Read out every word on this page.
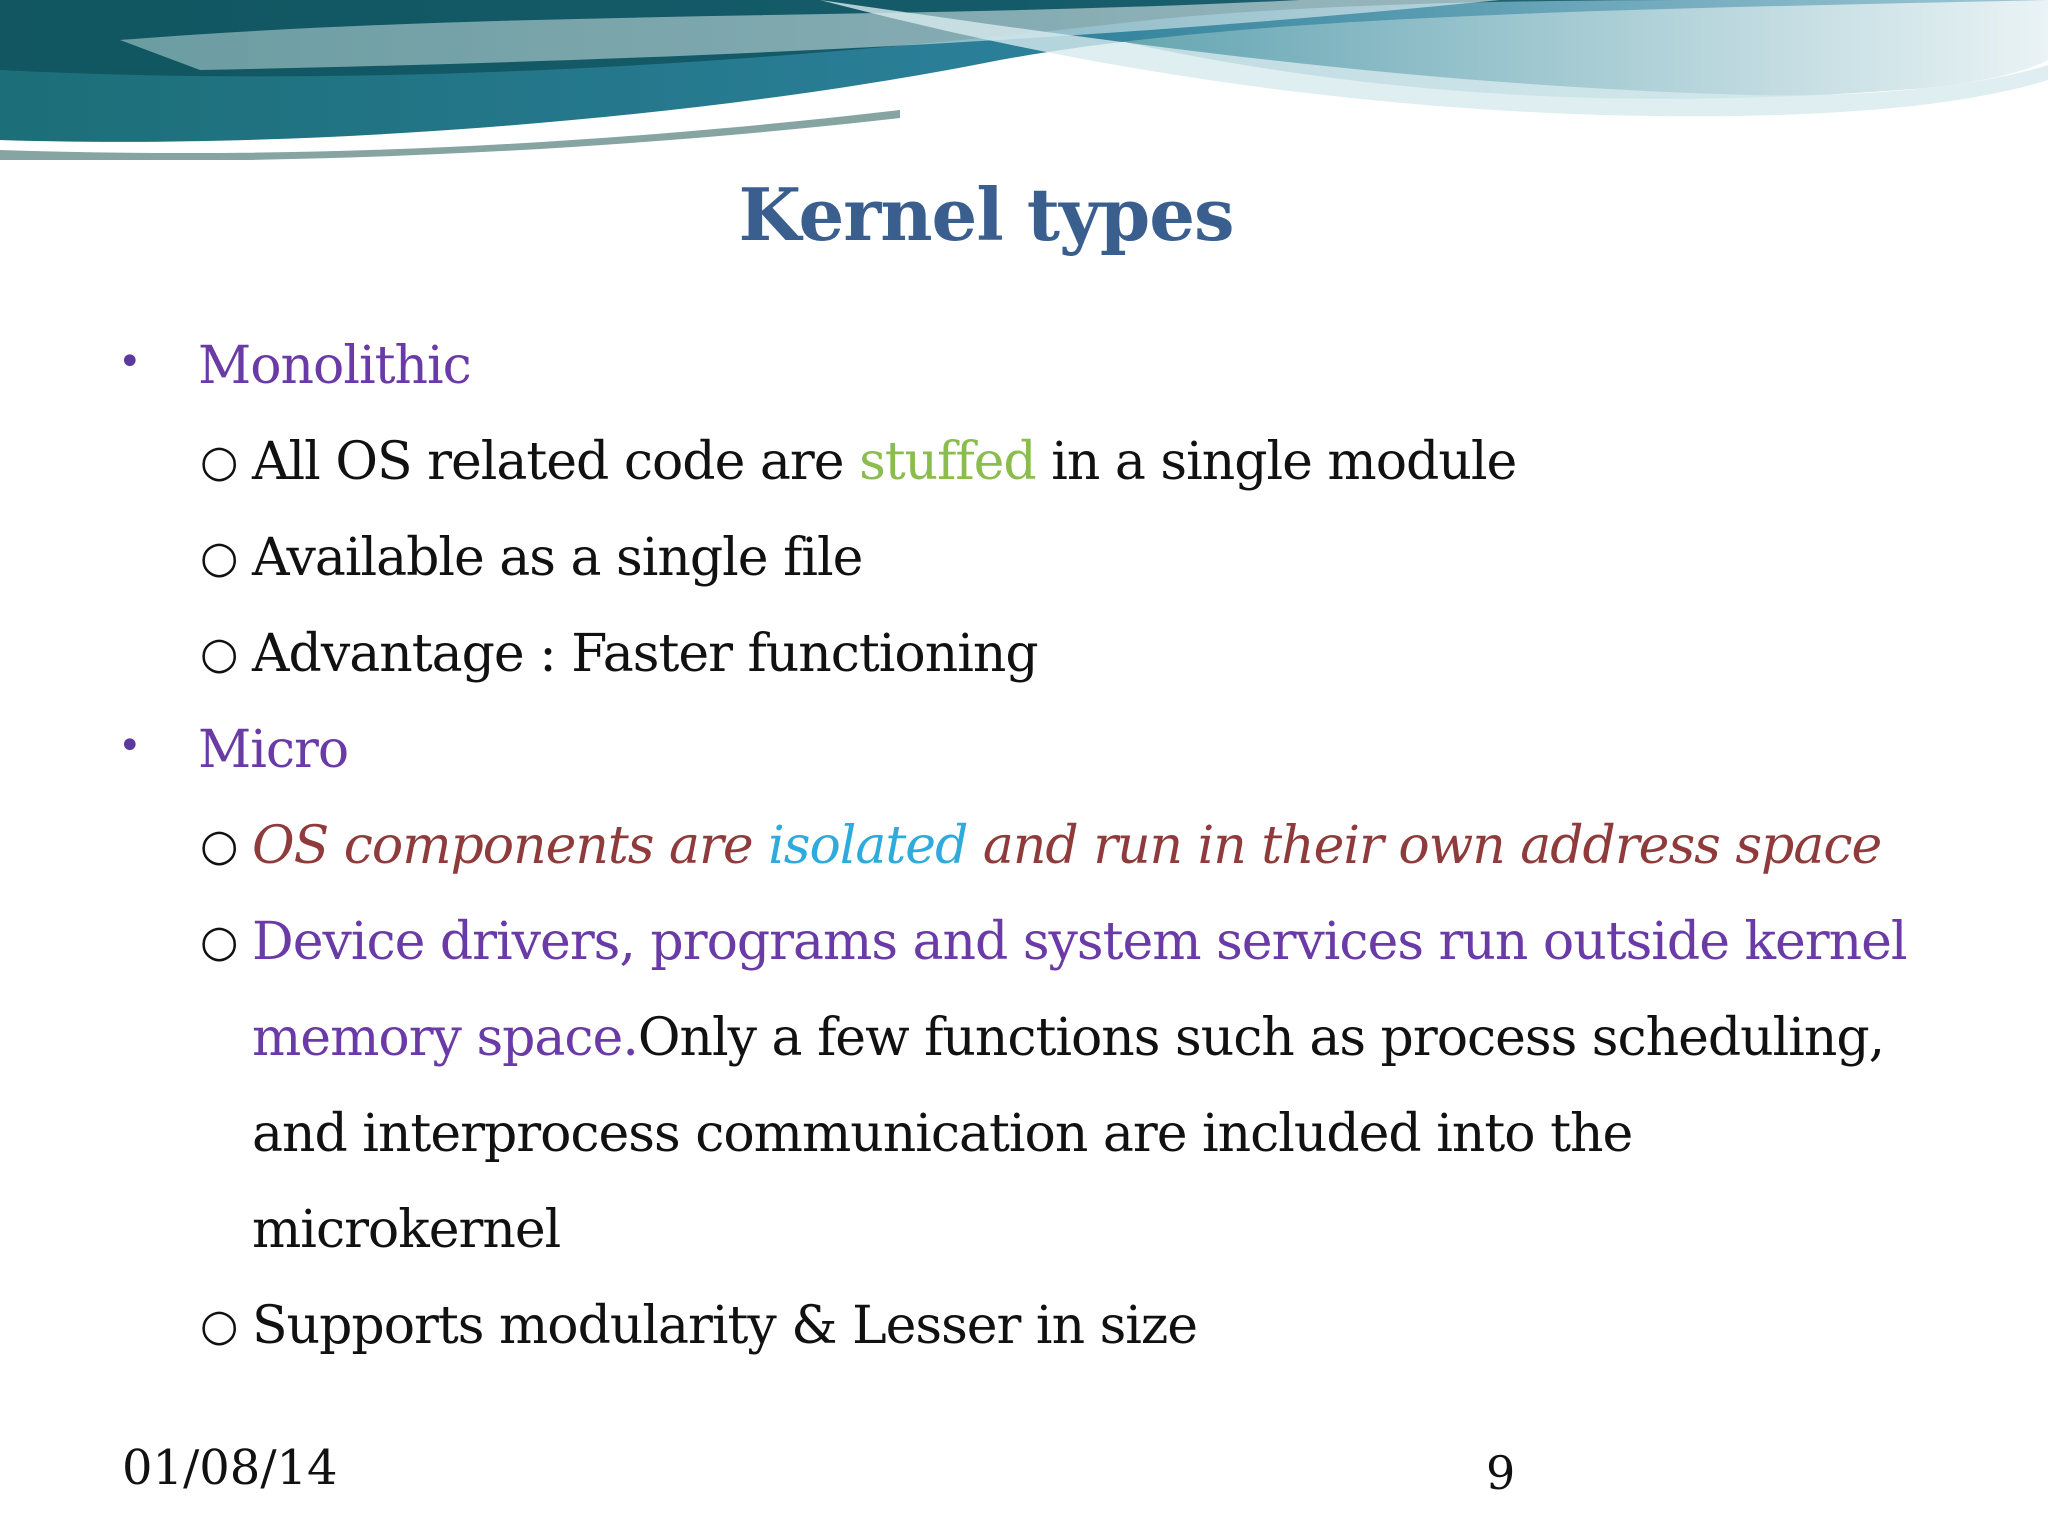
Kernel types
• Monolithic
○ All OS related code are stuffed in a single module
○ Available as a single file
○ Advantage : Faster functioning
• Micro
○ OS components are isolated and run in their own address space
○ Device drivers, programs and system services run outside kernel
memory space.Only a few functions such as process scheduling,
and interprocess communication are included into the
microkernel
○ Supports modularity & Lesser in size
01/08/14	9
